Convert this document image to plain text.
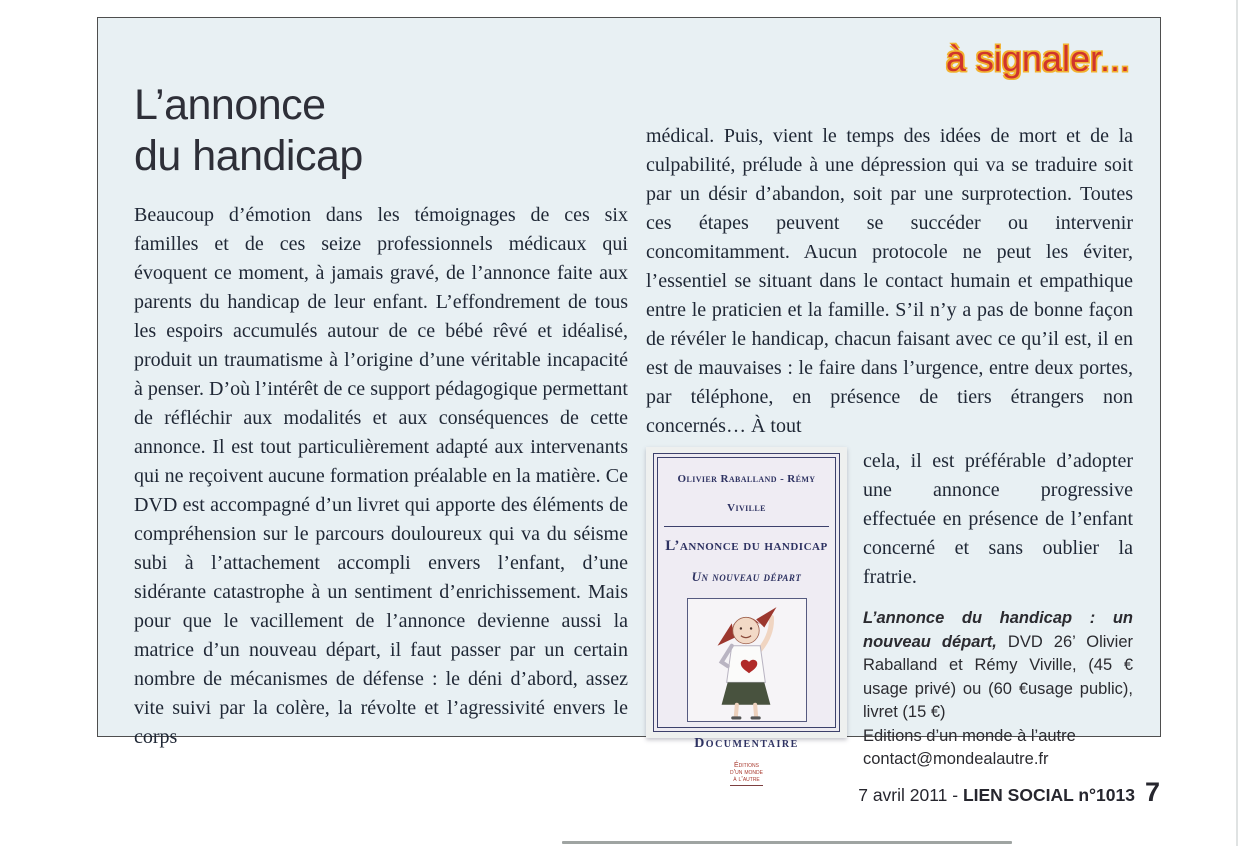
à signaler...
L’annonce
du handicap

Beaucoup d’émotion dans les témoignages de ces six familles et de ces seize professionnels médicaux qui évoquent ce moment, à jamais gravé, de l’annonce faite aux parents du handicap de leur enfant. L’effondrement de tous les espoirs accumulés autour de ce bébé rêvé et idéalisé, produit un traumatisme à l’origine d’une véritable incapacité à penser. D’où l’intérêt de ce support pédagogique permettant de réfléchir aux modalités et aux conséquences de cette annonce. Il est tout particulièrement adapté aux intervenants qui ne reçoivent aucune formation préalable en la matière. Ce DVD est accompagné d’un livret qui apporte des éléments de compréhension sur le parcours douloureux qui va du séisme subi à l’attachement accompli envers l’enfant, d’une sidérante catastrophe à un sentiment d’enrichissement. Mais pour que le vacillement de l’annonce devienne aussi la matrice d’un nouveau départ, il faut passer par un certain nombre de mécanismes de défense : le déni d’abord, assez vite suivi par la colère, la révolte et l’agressivité envers le corps

médical. Puis, vient le temps des idées de mort et de la culpabilité, prélude à une dépression qui va se traduire soit par un désir d’abandon, soit par une surprotection. Toutes ces étapes peuvent se succéder ou intervenir concomitamment. Aucun protocole ne peut les éviter, l’essentiel se situant dans le contact humain et empathique entre le praticien et la famille. S’il n’y a pas de bonne façon de révéler le handicap, chacun faisant avec ce qu’il est, il en est de mauvaises : le faire dans l’urgence, entre deux portes, par téléphone, en présence de tiers étrangers non concernés… À tout

Olivier Raballand - Rémy Viville
L’annonce du handicap
Un nouveau départ
Documentaire
Éditions
d’un monde
à l’autre

cela, il est préférable d’adopter une annonce progressive effectuée en présence de l’enfant concerné et sans oublier la fratrie.

L’annonce du handicap : un nouveau départ, DVD 26’ Olivier Raballand et Rémy Viville, (45 € usage privé) ou (60 €usage public), livret (15 €)

Editions d’un monde à l’autre

contact@mondealautre.fr

7 avril 2011 - LIEN SOCIAL n°1013 7
